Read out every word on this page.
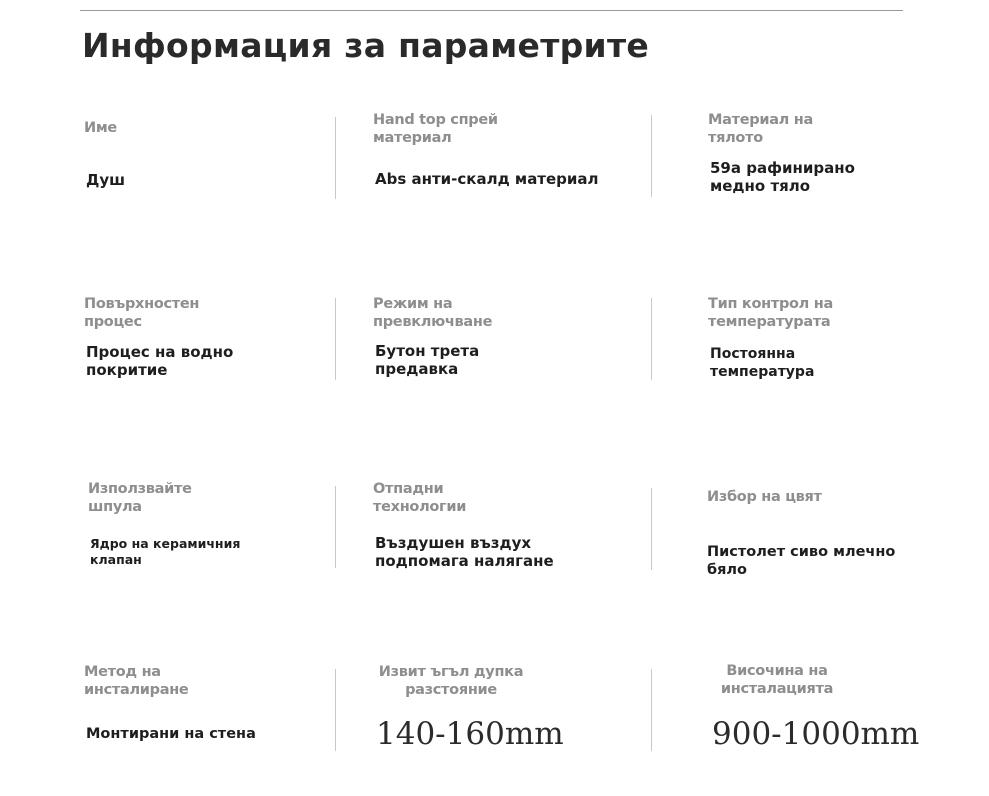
Информация за параметрите
Име
Душ
Hand top спрей материал
Abs анти-скалд материал
Материал на тялото
59а рафинирано медно тяло
Повърхностен процес
Процес на водно покритие
Режим на превключване
Бутон трета предавка
Тип контрол на температурата
Постоянна температура
Използвайте шпула
Ядро на керамичния клапан
Отпадни технологии
Въздушен въздух подпомага налягане
Избор на цвят
Пистолет сиво млечно бяло
Метод на инсталиране
Монтирани на стена
Извит ъгъл дупка разстояние
140-160mm
Височина на инсталацията
900-1000mm
